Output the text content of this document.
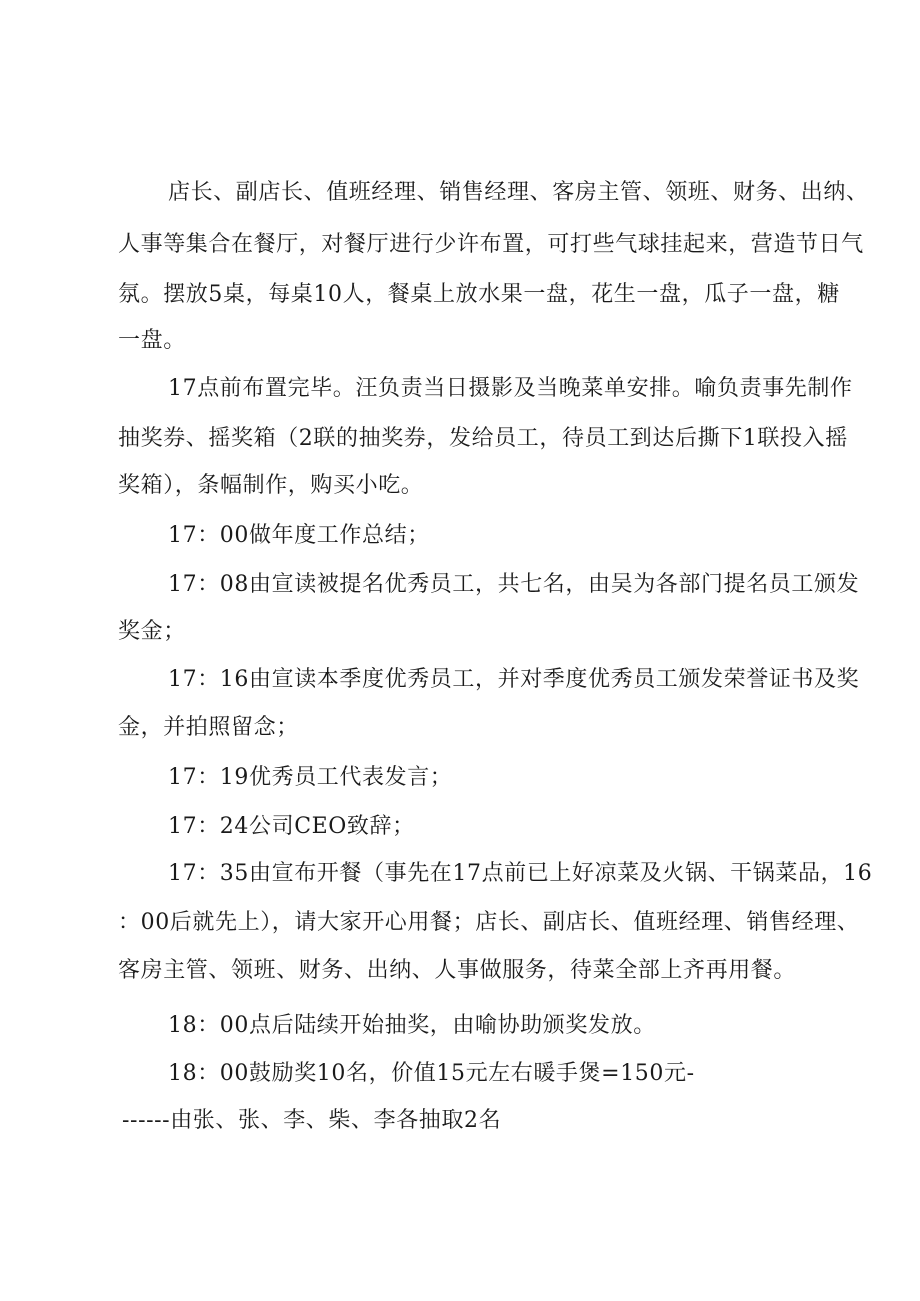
店长、副店长、值班经理、销售经理、客房主管、领班、财务、出纳、
人事等集合在餐厅，对餐厅进行少许布置，可打些气球挂起来，营造节日气
氛。摆放5桌，每桌10人，餐桌上放水果一盘，花生一盘，瓜子一盘，糖
一盘。
17点前布置完毕。汪负责当日摄影及当晚菜单安排。喻负责事先制作
抽奖券、摇奖箱（2联的抽奖券，发给员工，待员工到达后撕下1联投入摇
奖箱），条幅制作，购买小吃。
17：00做年度工作总结；
17：08由宣读被提名优秀员工，共七名，由吴为各部门提名员工颁发
奖金；
17：16由宣读本季度优秀员工，并对季度优秀员工颁发荣誉证书及奖
金，并拍照留念；
17：19优秀员工代表发言；
17：24公司CEO致辞；
17：35由宣布开餐（事先在17点前已上好凉菜及火锅、干锅菜品，16
：00后就先上），请大家开心用餐；店长、副店长、值班经理、销售经理、
客房主管、领班、财务、出纳、人事做服务，待菜全部上齐再用餐。
18：00点后陆续开始抽奖，由喻协助颁奖发放。
18：00鼓励奖10名，价值15元左右暖手煲=150元-
------由张、张、李、柴、李各抽取2名
